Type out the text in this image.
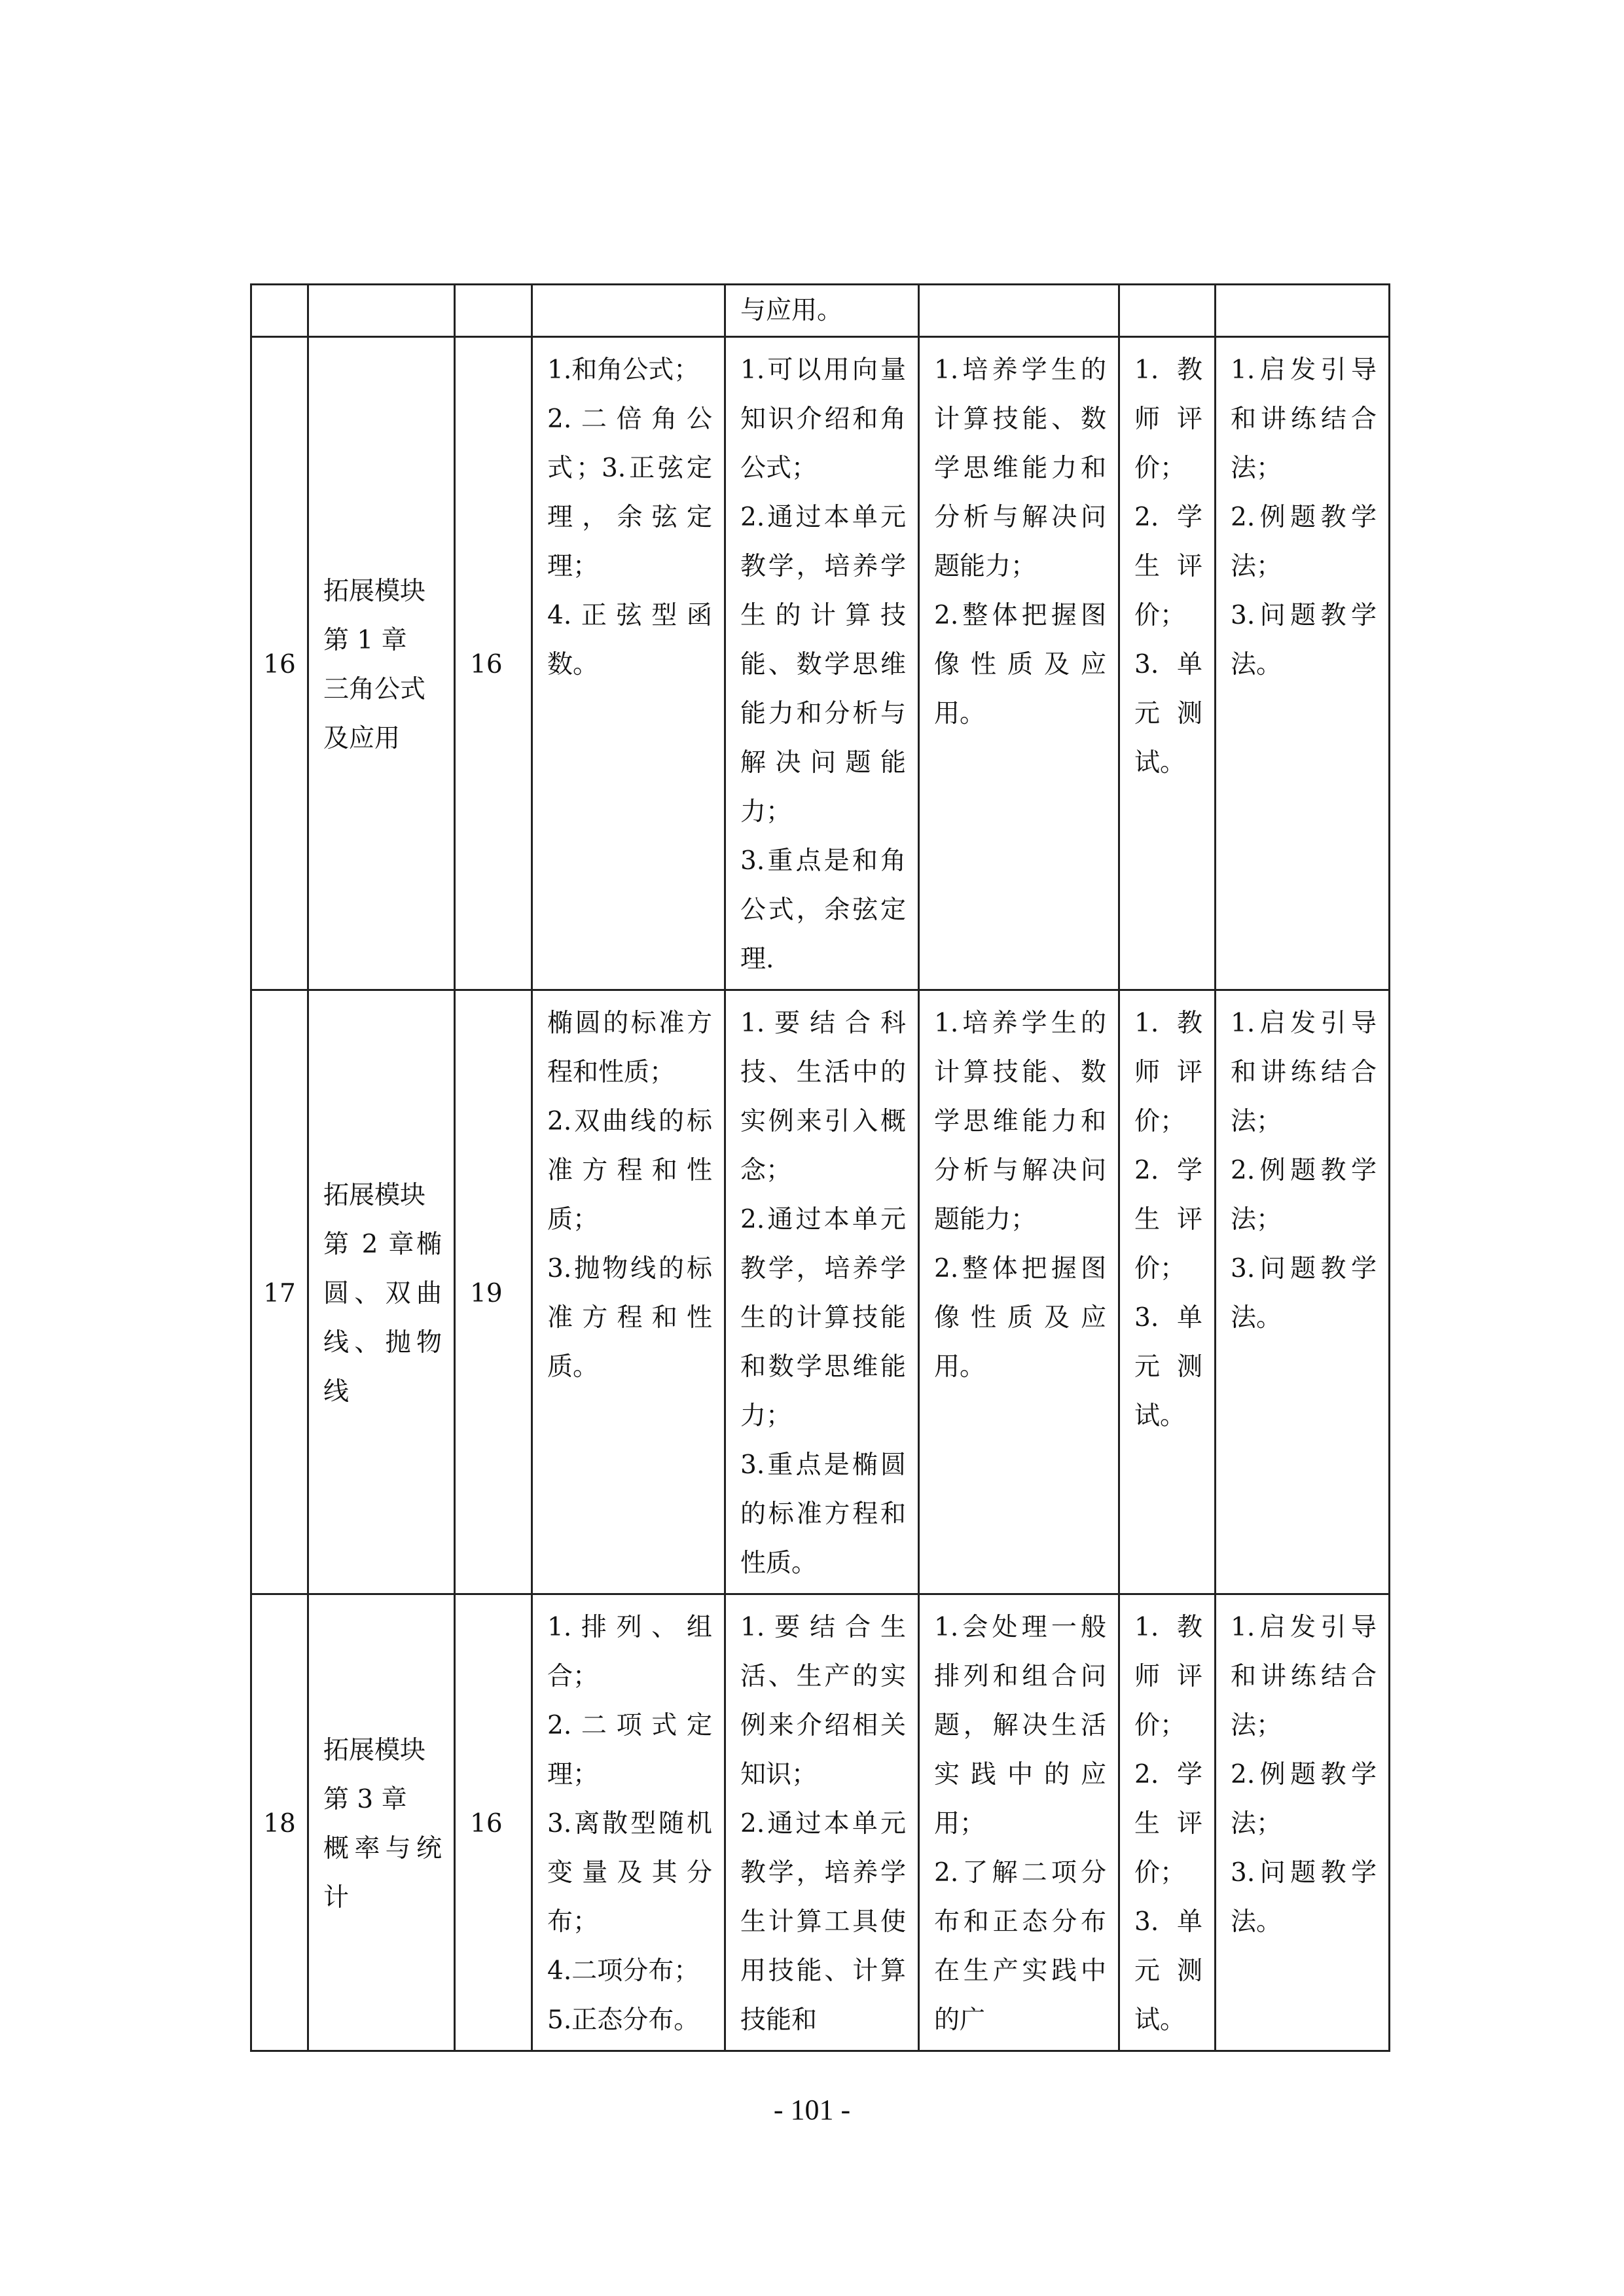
				与应用。			
16	拓展模块
第 1 章
三角公式
及应用	16	1.和角公式；
2.二倍角公式；3.正弦定理，余弦定理；
4.正弦型函数。	1.可以用向量知识介绍和角公式；
2.通过本单元教学，培养学生的计算技能、数学思维能力和分析与解决问题能力；
3.重点是和角公式，余弦定理.	1.培养学生的计算技能、数学思维能力和分析与解决问题能力；
2.整体把握图像性质及应用。	1.教师评价；
2.学生评价；
3.单元测试。	1.启发引导和讲练结合法；
2.例题教学法；
3.问题教学法。
17	拓展模块
第 2 章椭圆、双曲线、抛物线	19	椭圆的标准方程和性质；
2.双曲线的标准方程和性质；
3.抛物线的标准方程和性质。	1.要结合科技、生活中的实例来引入概念；
2.通过本单元教学，培养学生的计算技能和数学思维能力；
3.重点是椭圆的标准方程和性质。	1.培养学生的计算技能、数学思维能力和分析与解决问题能力；
2.整体把握图像性质及应用。	1.教师评价；
2.学生评价；
3.单元测试。	1.启发引导和讲练结合法；
2.例题教学法；
3.问题教学法。
18	拓展模块
第 3 章
概率与统计	16	1.排列、组合；
2.二项式定理；
3.离散型随机变量及其分布；
4.二项分布；
5.正态分布。	1.要结合生活、生产的实例来介绍相关知识；
2.通过本单元教学，培养学生计算工具使用技能、计算技能和	1.会处理一般排列和组合问题，解决生活实践中的应用；
2.了解二项分布和正态分布在生产实践中的广	1.教师评价；
2.学生评价；
3.单元测试。	1.启发引导和讲练结合法；
2.例题教学法；
3.问题教学法。
- 101 -
